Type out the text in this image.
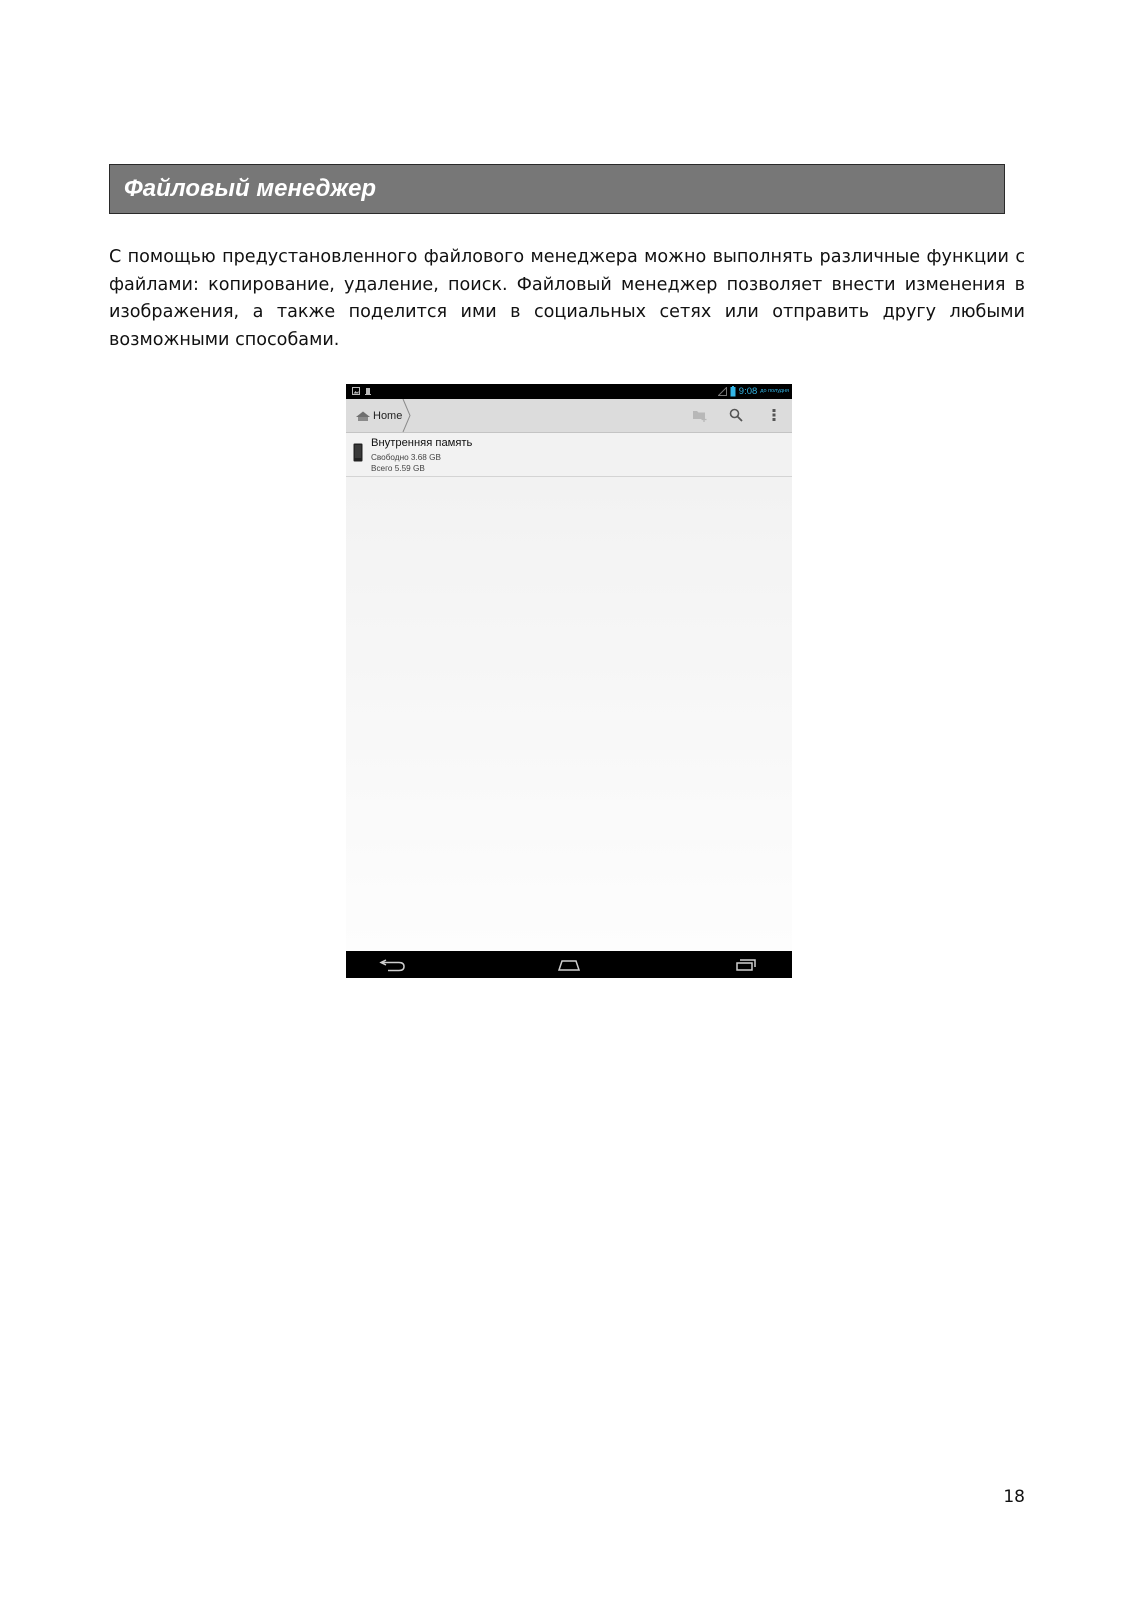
Файловый менеджер

С помощью предустановленного файлового менеджера можно выполнять различные функции с файлами: копирование, удаление, поиск. Файловый менеджер позволяет внести изменения в изображения, а также поделится ими в социальных сетях или отправить другу любыми возможными способами.

9:08 до полудня
Home
Внутренняя память
Свободно 3.68 GB
Всего 5.59 GB

18
